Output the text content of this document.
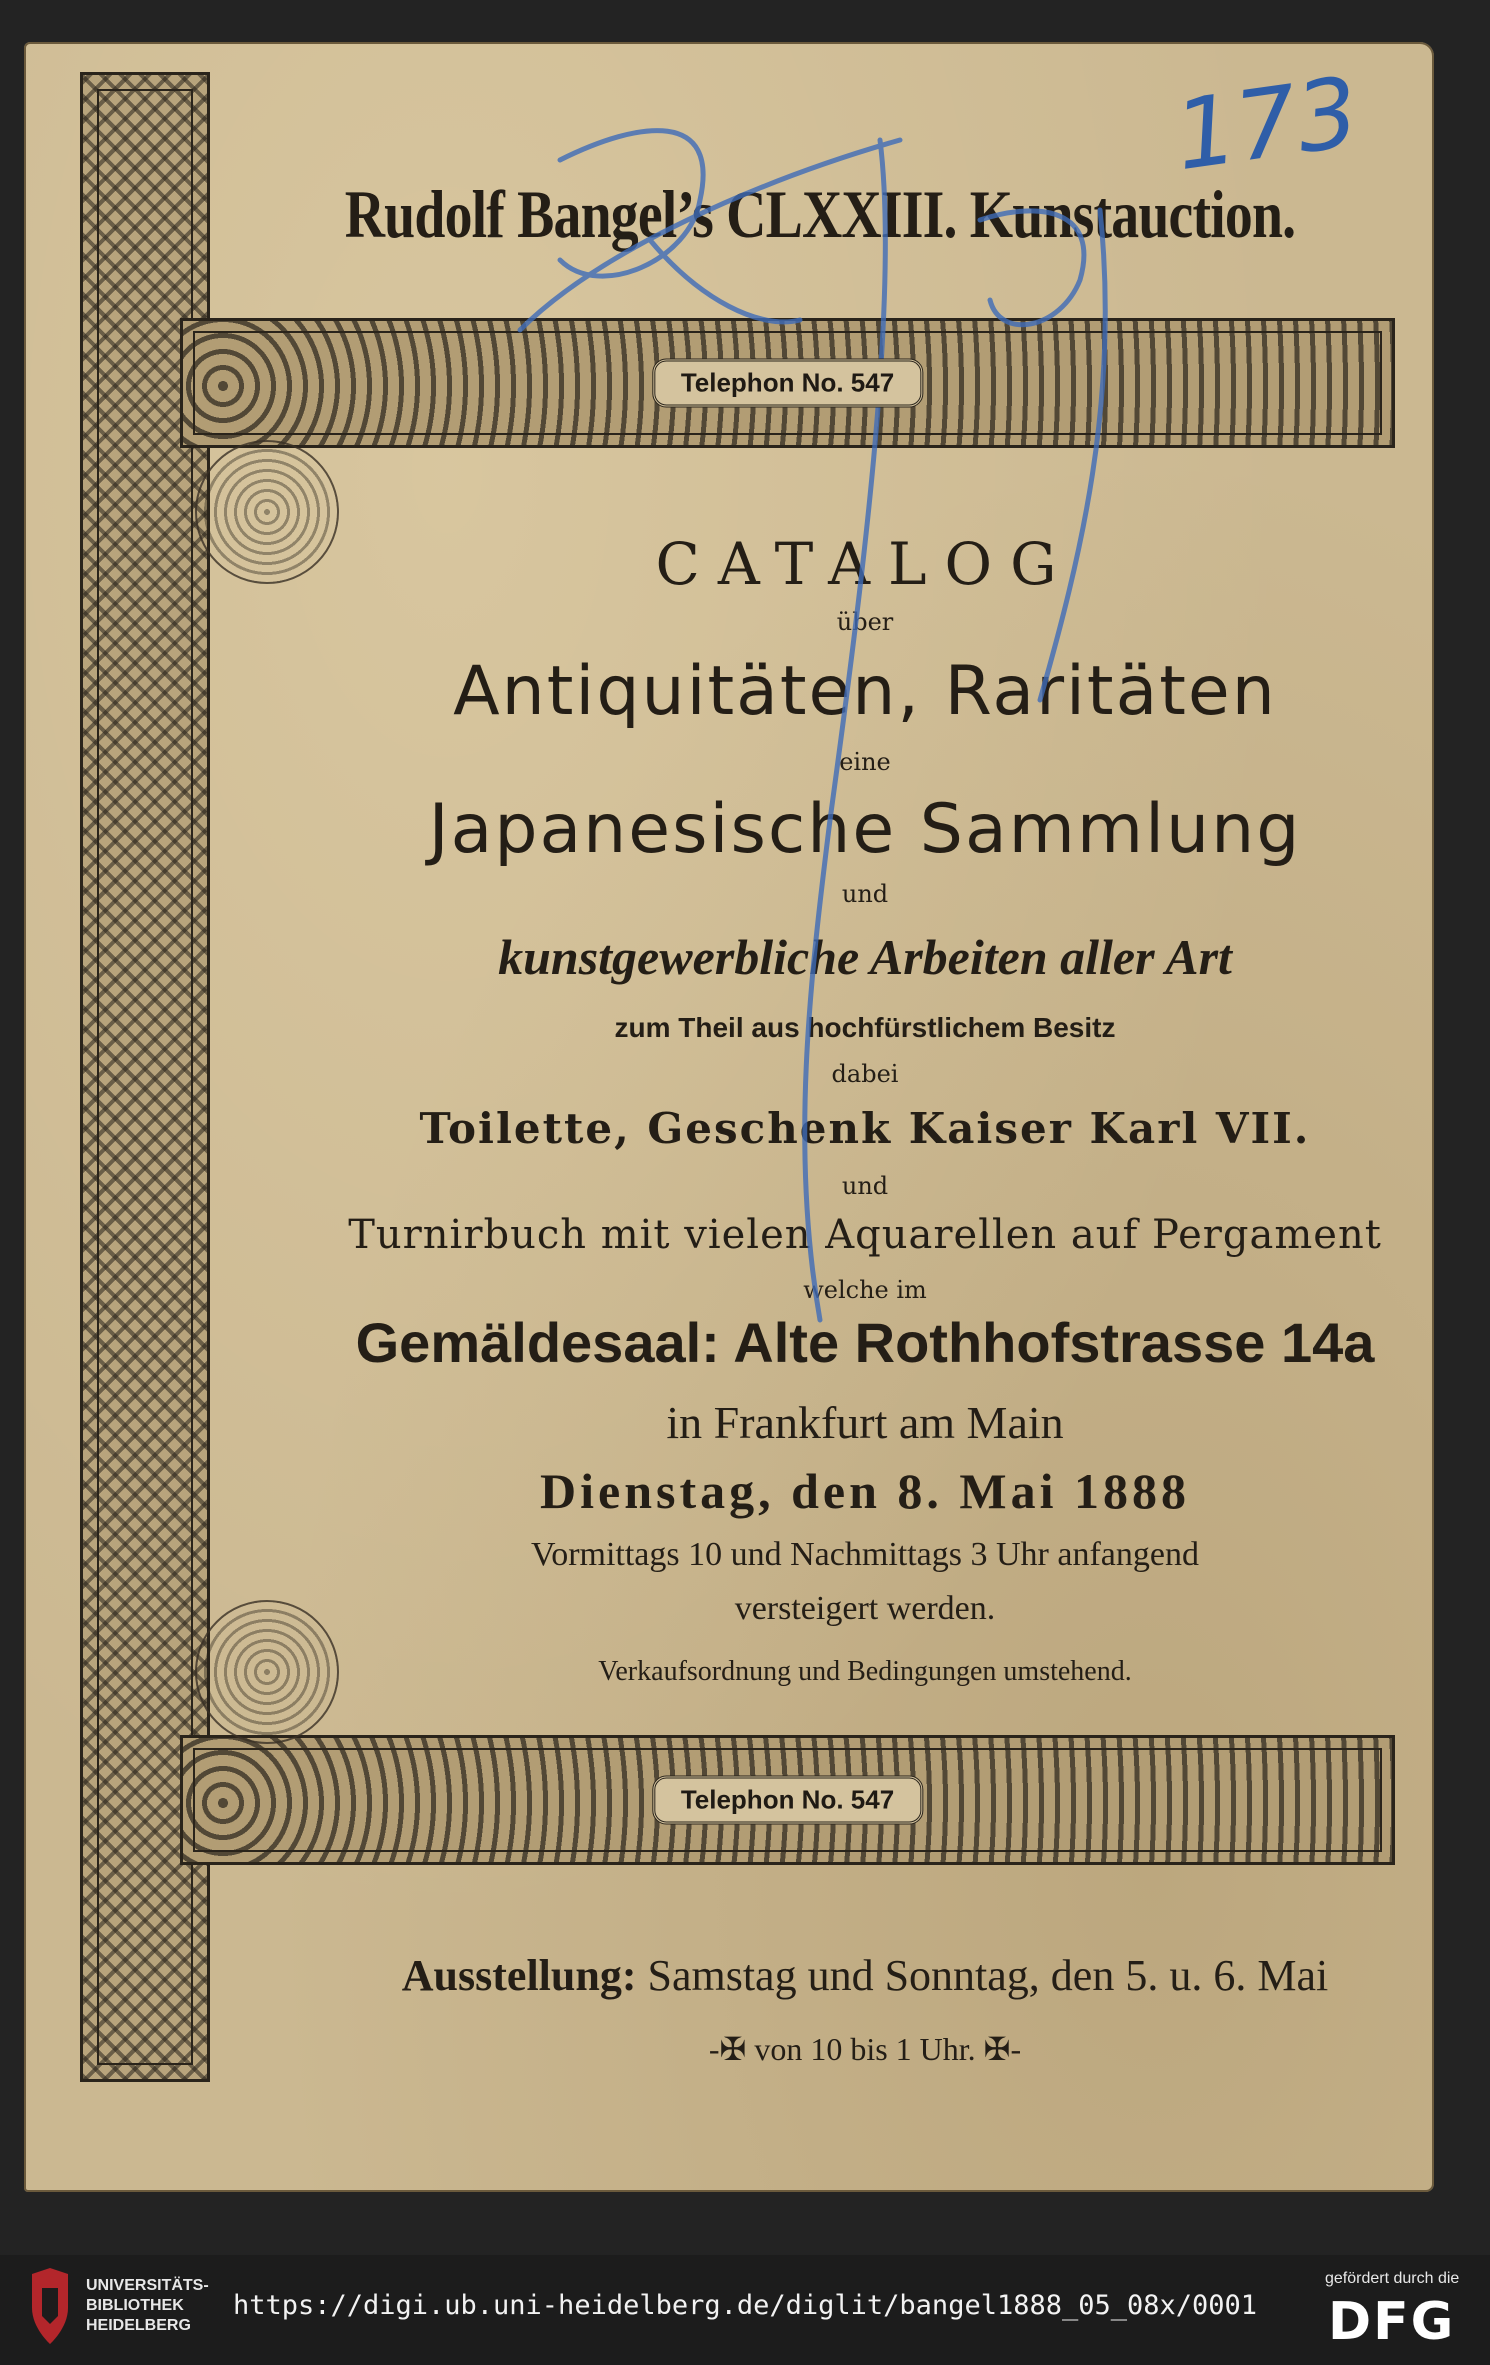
Telephon No. 547
Telephon No. 547
Rudolf Bangel’s CLXXIII. Kunstauction.
CATALOG
über
Antiquitäten, Raritäten
eine
Japanesische Sammlung
und
kunstgewerbliche Arbeiten aller Art
zum Theil aus hochfürstlichem Besitz
dabei
Toilette, Geschenk Kaiser Karl VII.
und
Turnirbuch mit vielen Aquarellen auf Pergament
welche im
Gemäldesaal: Alte Rothhofstrasse 14a
in Frankfurt am Main
Dienstag, den 8. Mai 1888
Vormittags 10 und Nachmittags 3 Uhr anfangend
versteigert werden.
Verkaufsordnung und Bedingungen umstehend.
Ausstellung: Samstag und Sonntag, den 5. u. 6. Mai
-✠ von 10 bis 1 Uhr. ✠-
173
UNIVERSITÄTS-
BIBLIOTHEK
HEIDELBERG
https://digi.ub.uni-heidelberg.de/diglit/bangel1888_05_08x/0001
gefördert durch die
DFG
